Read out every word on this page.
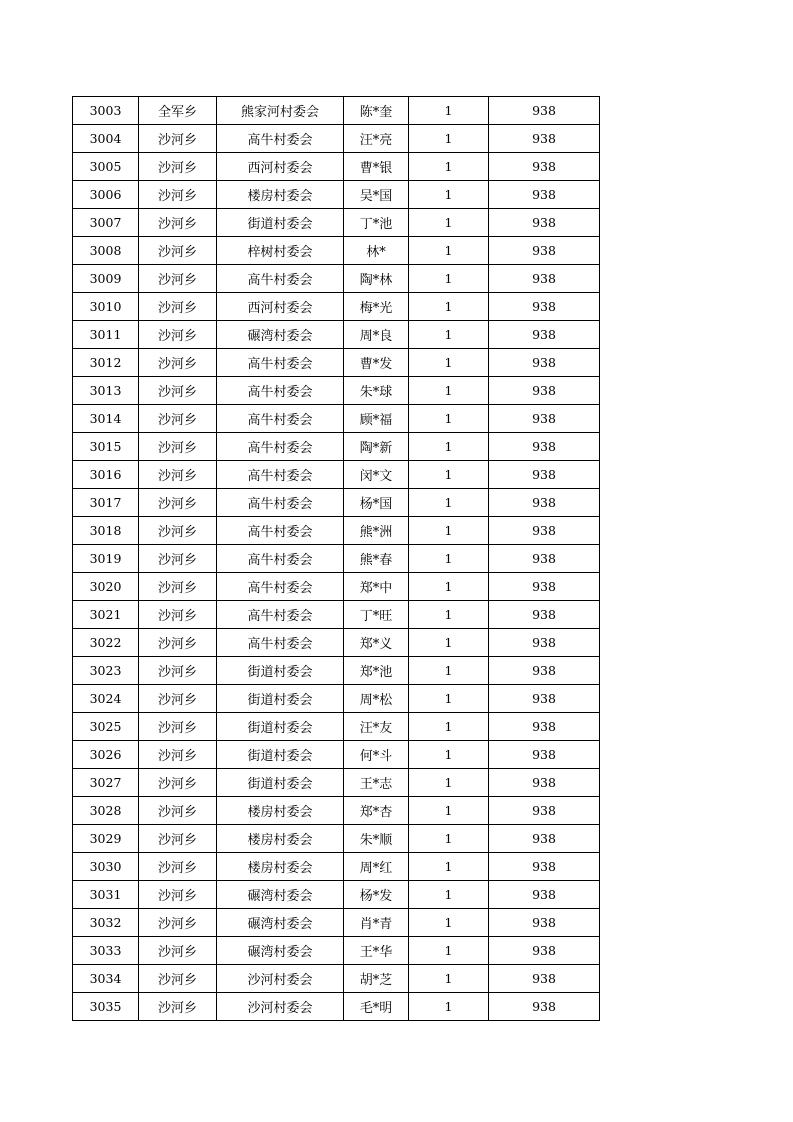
3003	全军乡	熊家河村委会	陈*奎	1	938
3004	沙河乡	高牛村委会	汪*亮	1	938
3005	沙河乡	西河村委会	曹*银	1	938
3006	沙河乡	楼房村委会	吴*国	1	938
3007	沙河乡	街道村委会	丁*池	1	938
3008	沙河乡	梓树村委会	林*	1	938
3009	沙河乡	高牛村委会	陶*林	1	938
3010	沙河乡	西河村委会	梅*光	1	938
3011	沙河乡	碾湾村委会	周*良	1	938
3012	沙河乡	高牛村委会	曹*发	1	938
3013	沙河乡	高牛村委会	朱*球	1	938
3014	沙河乡	高牛村委会	顾*福	1	938
3015	沙河乡	高牛村委会	陶*新	1	938
3016	沙河乡	高牛村委会	闵*文	1	938
3017	沙河乡	高牛村委会	杨*国	1	938
3018	沙河乡	高牛村委会	熊*洲	1	938
3019	沙河乡	高牛村委会	熊*春	1	938
3020	沙河乡	高牛村委会	郑*中	1	938
3021	沙河乡	高牛村委会	丁*旺	1	938
3022	沙河乡	高牛村委会	郑*义	1	938
3023	沙河乡	街道村委会	郑*池	1	938
3024	沙河乡	街道村委会	周*松	1	938
3025	沙河乡	街道村委会	汪*友	1	938
3026	沙河乡	街道村委会	何*斗	1	938
3027	沙河乡	街道村委会	王*志	1	938
3028	沙河乡	楼房村委会	郑*杏	1	938
3029	沙河乡	楼房村委会	朱*顺	1	938
3030	沙河乡	楼房村委会	周*红	1	938
3031	沙河乡	碾湾村委会	杨*发	1	938
3032	沙河乡	碾湾村委会	肖*青	1	938
3033	沙河乡	碾湾村委会	王*华	1	938
3034	沙河乡	沙河村委会	胡*芝	1	938
3035	沙河乡	沙河村委会	毛*明	1	938
